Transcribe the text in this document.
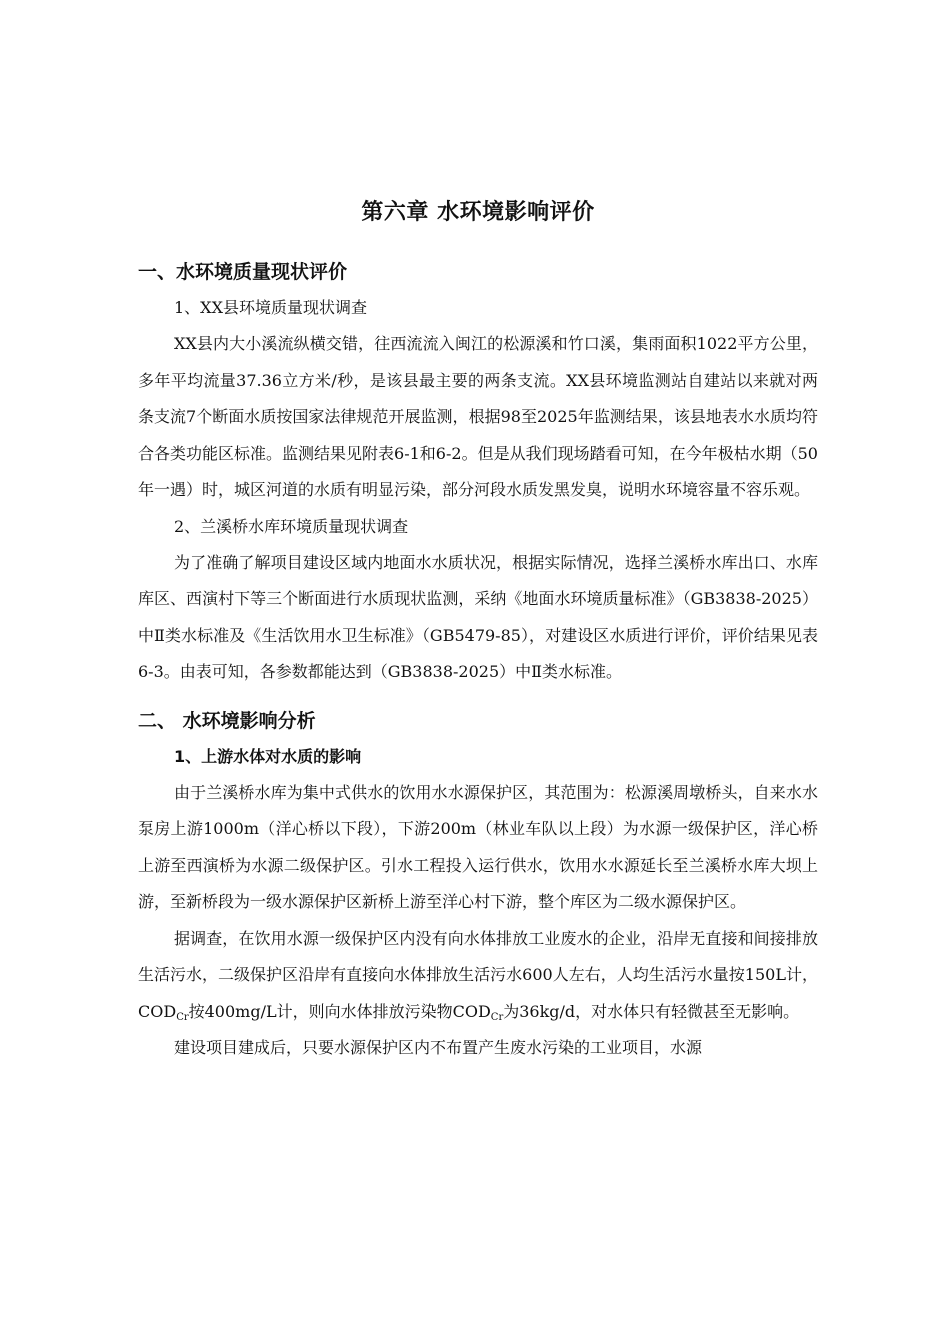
第六章 水环境影响评价
一、水环境质量现状评价

1、XX县环境质量现状调查

XX县内大小溪流纵横交错，往西流流入闽江的松源溪和竹口溪，集雨面积1022平方公里，多年平均流量37.36立方米/秒，是该县最主要的两条支流。XX县环境监测站自建站以来就对两条支流7个断面水质按国家法律规范开展监测，根据98至2025年监测结果，该县地表水水质均符合各类功能区标准。监测结果见附表6-1和6-2。但是从我们现场踏看可知，在今年极枯水期（50年一遇）时，城区河道的水质有明显污染，部分河段水质发黑发臭，说明水环境容量不容乐观。

2、兰溪桥水库环境质量现状调查

为了准确了解项目建设区域内地面水水质状况，根据实际情况，选择兰溪桥水库出口、水库库区、西演村下等三个断面进行水质现状监测，采纳《地面水环境质量标准》（GB3838-2025）中Ⅱ类水标准及《生活饮用水卫生标准》（GB5479-85），对建设区水质进行评价，评价结果见表6-3。由表可知，各参数都能达到（GB3838-2025）中Ⅱ类水标准。

二、 水环境影响分析

1、上游水体对水质的影响

由于兰溪桥水库为集中式供水的饮用水水源保护区，其范围为：松源溪周墩桥头，自来水水泵房上游1000m（洋心桥以下段），下游200m（林业车队以上段）为水源一级保护区，洋心桥上游至西演桥为水源二级保护区。引水工程投入运行供水，饮用水水源延长至兰溪桥水库大坝上游，至新桥段为一级水源保护区新桥上游至洋心村下游，整个库区为二级水源保护区。

据调查，在饮用水源一级保护区内没有向水体排放工业废水的企业，沿岸无直接和间接排放生活污水，二级保护区沿岸有直接向水体排放生活污水600人左右，人均生活污水量按150L计，$COD_{Cr}$按400mg/L计，则向水体排放污染物$COD_{Cr}$为36kg/d，对水体只有轻微甚至无影响。

建设项目建成后，只要水源保护区内不布置产生废水污染的工业项目，水源
